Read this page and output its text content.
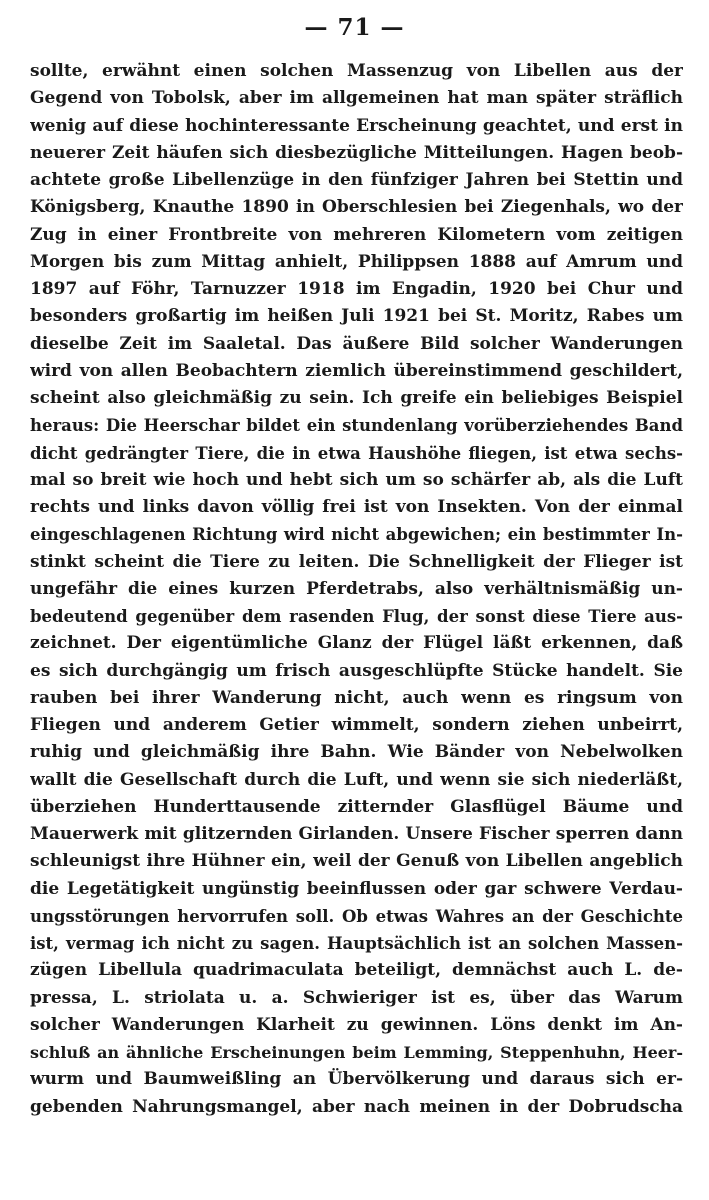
— 71 —
sollte, erwähnt einen solchen Massenzug von Libellen aus der
Gegend von Tobolsk, aber im allgemeinen hat man später sträflich
wenig auf diese hochinteressante Erscheinung geachtet, und erst in
neuerer Zeit häufen sich diesbezügliche Mitteilungen. Hagen beob-
achtete große Libellenzüge in den fünfziger Jahren bei Stettin und
Königsberg, Knauthe 1890 in Oberschlesien bei Ziegenhals, wo der
Zug in einer Frontbreite von mehreren Kilometern vom zeitigen
Morgen bis zum Mittag anhielt, Philippsen 1888 auf Amrum und
1897 auf Föhr, Tarnuzzer 1918 im Engadin, 1920 bei Chur und
besonders großartig im heißen Juli 1921 bei St. Moritz, Rabes um
dieselbe Zeit im Saaletal. Das äußere Bild solcher Wanderungen
wird von allen Beobachtern ziemlich übereinstimmend geschildert,
scheint also gleichmäßig zu sein. Ich greife ein beliebiges Beispiel
heraus: Die Heerschar bildet ein stundenlang vorüberziehendes Band
dicht gedrängter Tiere, die in etwa Haushöhe fliegen, ist etwa sechs-
mal so breit wie hoch und hebt sich um so schärfer ab, als die Luft
rechts und links davon völlig frei ist von Insekten. Von der einmal
eingeschlagenen Richtung wird nicht abgewichen; ein bestimmter In-
stinkt scheint die Tiere zu leiten. Die Schnelligkeit der Flieger ist
ungefähr die eines kurzen Pferdetrabs, also verhältnismäßig un-
bedeutend gegenüber dem rasenden Flug, der sonst diese Tiere aus-
zeichnet. Der eigentümliche Glanz der Flügel läßt erkennen, daß
es sich durchgängig um frisch ausgeschlüpfte Stücke handelt. Sie
rauben bei ihrer Wanderung nicht, auch wenn es ringsum von
Fliegen und anderem Getier wimmelt, sondern ziehen unbeirrt,
ruhig und gleichmäßig ihre Bahn. Wie Bänder von Nebelwolken
wallt die Gesellschaft durch die Luft, und wenn sie sich niederläßt,
überziehen Hunderttausende zitternder Glasflügel Bäume und
Mauerwerk mit glitzernden Girlanden. Unsere Fischer sperren dann
schleunigst ihre Hühner ein, weil der Genuß von Libellen angeblich
die Legetätigkeit ungünstig beeinflussen oder gar schwere Verdau-
ungsstörungen hervorrufen soll. Ob etwas Wahres an der Geschichte
ist, vermag ich nicht zu sagen. Hauptsächlich ist an solchen Massen-
zügen Libellula quadrimaculata beteiligt, demnächst auch L. de-
pressa, L. striolata u. a. Schwieriger ist es, über das Warum
solcher Wanderungen Klarheit zu gewinnen. Löns denkt im An-
schluß an ähnliche Erscheinungen beim Lemming, Steppenhuhn, Heer-
wurm und Baumweißling an Übervölkerung und daraus sich er-
gebenden Nahrungsmangel, aber nach meinen in der Dobrudscha
